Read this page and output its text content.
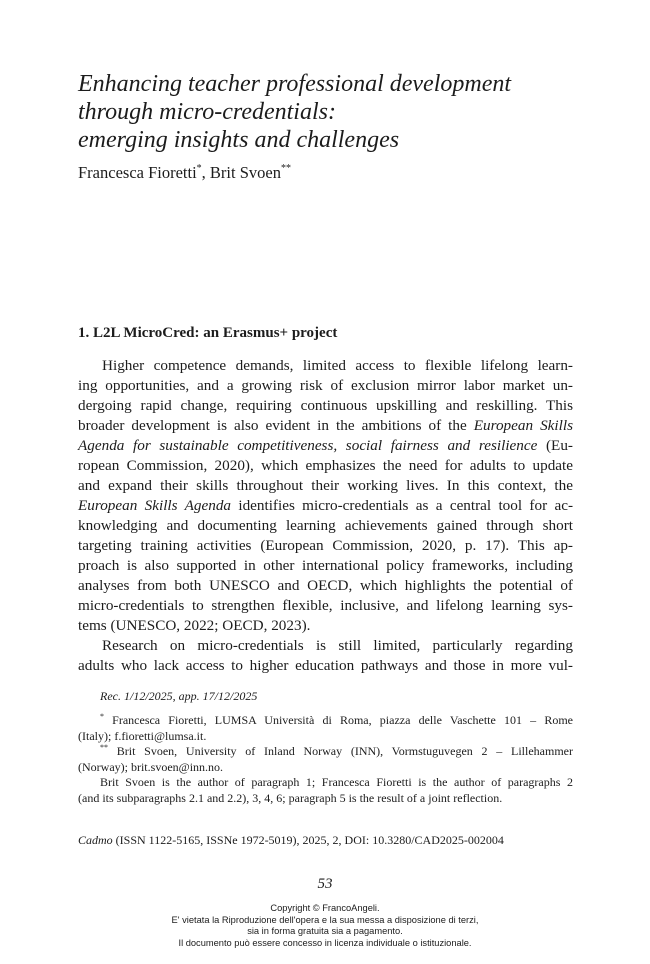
Enhancing teacher professional development
through micro-credentials:
emerging insights and challenges
Francesca Fioretti*, Brit Svoen**
1. L2L MicroCred: an Erasmus+ project
Higher competence demands, limited access to flexible lifelong learn-
ing opportunities, and a growing risk of exclusion mirror labor market un-
dergoing rapid change, requiring continuous upskilling and reskilling. This
broader development is also evident in the ambitions of the European Skills
Agenda for sustainable competitiveness, social fairness and resilience (Eu-
ropean Commission, 2020), which emphasizes the need for adults to update
and expand their skills throughout their working lives. In this context, the
European Skills Agenda identifies micro-credentials as a central tool for ac-
knowledging and documenting learning achievements gained through short
targeting training activities (European Commission, 2020, p. 17). This ap-
proach is also supported in other international policy frameworks, including
analyses from both UNESCO and OECD, which highlights the potential of
micro-credentials to strengthen flexible, inclusive, and lifelong learning sys-
tems (UNESCO, 2022; OECD, 2023).
Research on micro-credentials is still limited, particularly regarding
adults who lack access to higher education pathways and those in more vul-
Rec. 1/12/2025, app. 17/12/2025
* Francesca Fioretti, LUMSA Università di Roma, piazza delle Vaschette 101 – Rome
(Italy); f.fioretti@lumsa.it.
** Brit Svoen, University of Inland Norway (INN), Vormstuguvegen 2 – Lillehammer
(Norway); brit.svoen@inn.no.
Brit Svoen is the author of paragraph 1; Francesca Fioretti is the author of paragraphs 2
(and its subparagraphs 2.1 and 2.2), 3, 4, 6; paragraph 5 is the result of a joint reflection.
Cadmo (ISSN 1122-5165, ISSNe 1972-5019), 2025, 2, DOI: 10.3280/CAD2025-002004
53
Copyright © FrancoAngeli.
E' vietata la Riproduzione dell'opera e la sua messa a disposizione di terzi,
sia in forma gratuita sia a pagamento.
Il documento può essere concesso in licenza individuale o istituzionale.
